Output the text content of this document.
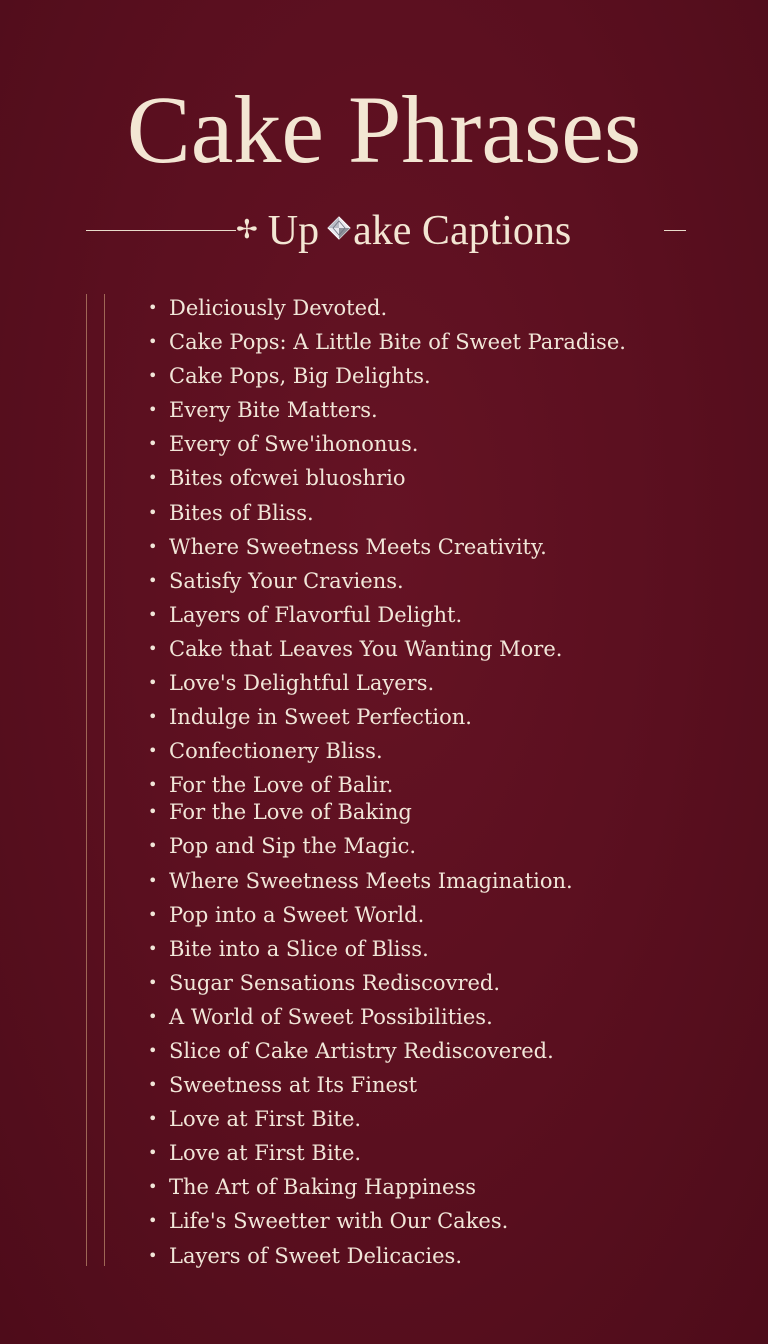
Cake Phrases
✢ Up ake Captions
• Deliciously Devoted.
• Cake Pops: A Little Bite of Sweet Paradise.
• Cake Pops, Big Delights.
• Every Bite Matters.
• Every of Swe'ihononus.
• Bites ofcwei bluoshrio
• Bites of Bliss.
• Where Sweetness Meets Creativity.
• Satisfy Your Craviens.
• Layers of Flavorful Delight.
• Cake that Leaves You Wanting More.
• Love's Delightful Layers.
• Indulge in Sweet Perfection.
• Confectionery Bliss.
• For the Love of Balir.
• For the Love of Baking
• Pop and Sip the Magic.
• Where Sweetness Meets Imagination.
• Pop into a Sweet World.
• Bite into a Slice of Bliss.
• Sugar Sensations Rediscovred.
• A World of Sweet Possibilities.
• Slice of Cake Artistry Rediscovered.
• Sweetness at Its Finest
• Love at First Bite.
• Love at First Bite.
• The Art of Baking Happiness
• Life's Sweetter with Our Cakes.
• Layers of Sweet Delicacies.
